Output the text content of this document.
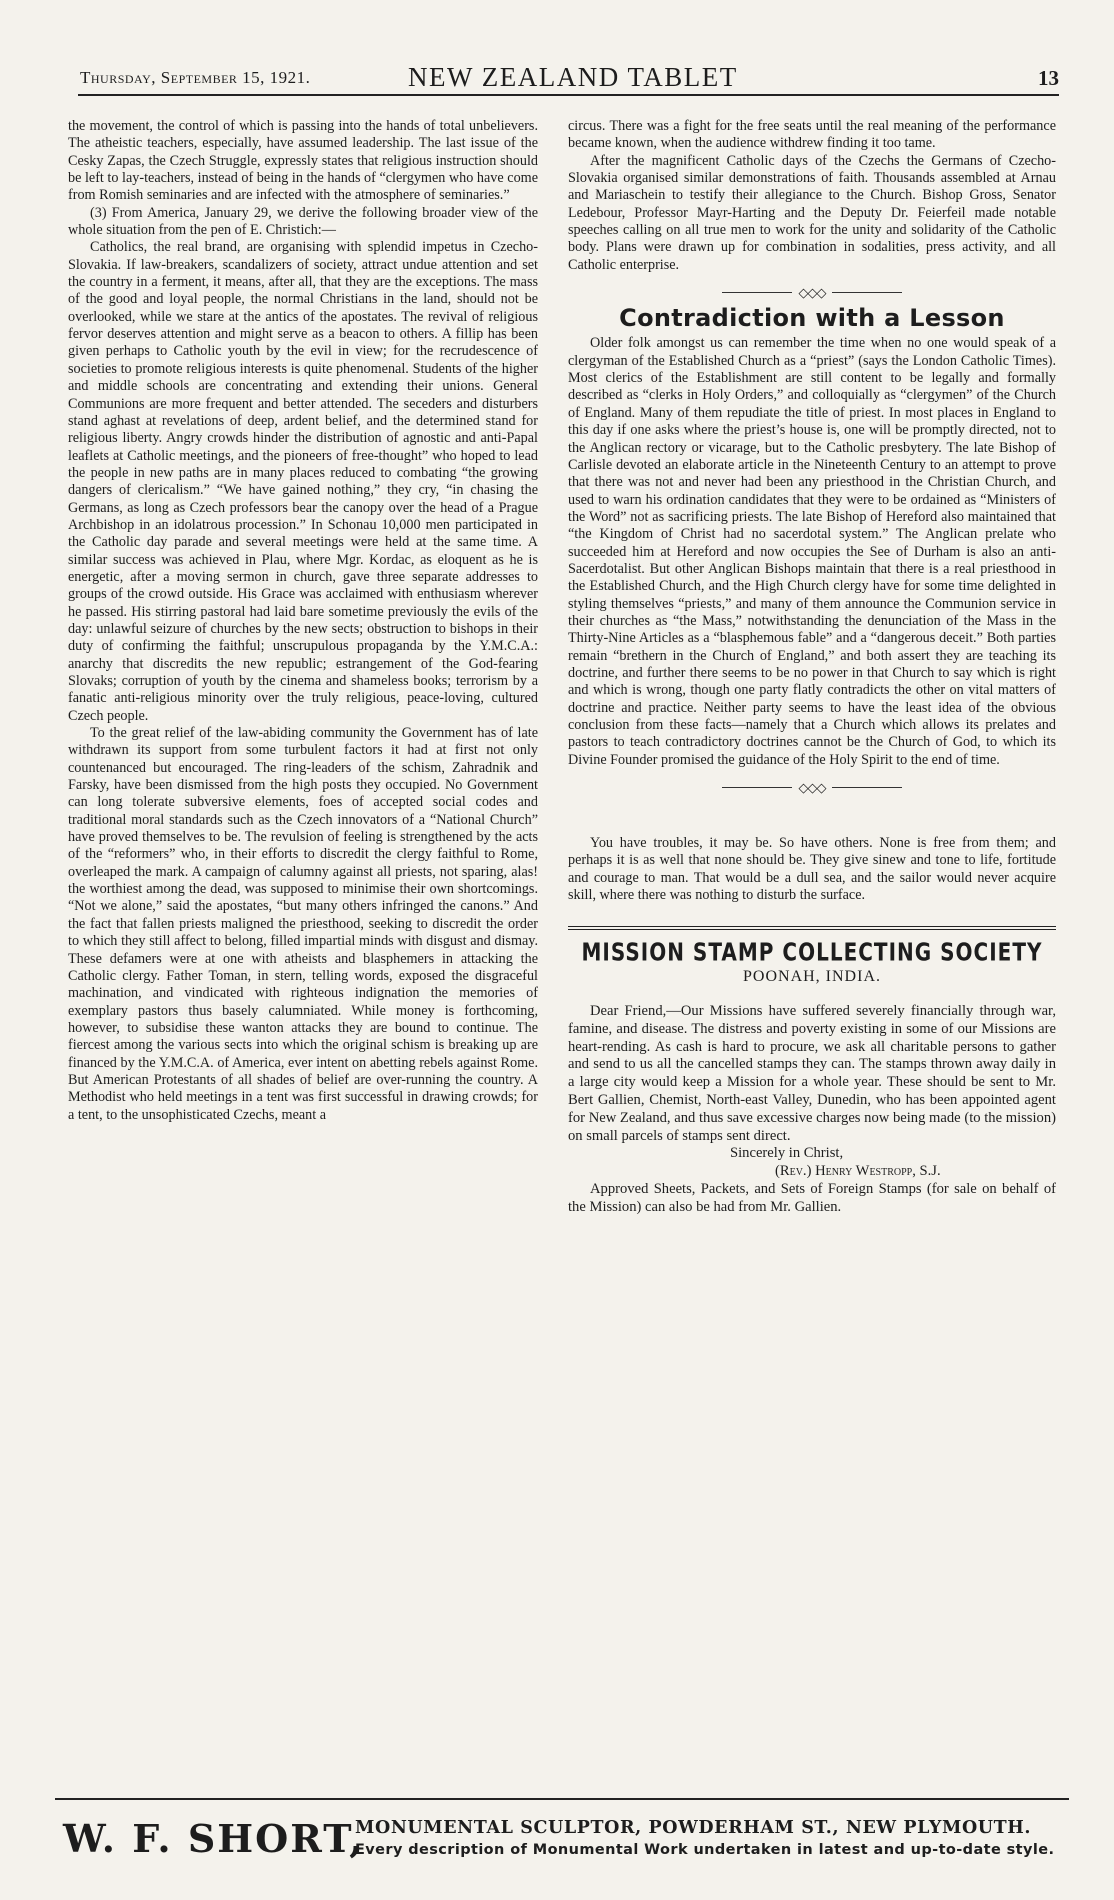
Thursday, September 15, 1921.	NEW ZEALAND TABLET	13

the movement, the control of which is passing into the hands of total unbelievers. The atheistic teachers, especially, have assumed leadership. The last issue of the Cesky Zapas, the Czech Struggle, expressly states that religious instruction should be left to lay-teachers, instead of being in the hands of “clergymen who have come from Romish seminaries and are infected with the atmosphere of seminaries.”

(3) From America, January 29, we derive the following broader view of the whole situation from the pen of E. Christich:—

Catholics, the real brand, are organising with splendid impetus in Czecho-Slovakia. If law-breakers, scandalizers of society, attract undue attention and set the country in a ferment, it means, after all, that they are the exceptions. The mass of the good and loyal people, the normal Christians in the land, should not be overlooked, while we stare at the antics of the apostates. The revival of religious fervor deserves attention and might serve as a beacon to others. A fillip has been given perhaps to Catholic youth by the evil in view; for the recrudescence of societies to promote religious interests is quite phenomenal. Students of the higher and middle schools are concentrating and extending their unions. General Communions are more frequent and better attended. The seceders and disturbers stand aghast at revelations of deep, ardent belief, and the determined stand for religious liberty. Angry crowds hinder the distribution of agnostic and anti-Papal leaflets at Catholic meetings, and the pioneers of free-thought” who hoped to lead the people in new paths are in many places reduced to combating “the growing dangers of clericalism.” “We have gained nothing,” they cry, “in chasing the Germans, as long as Czech professors bear the canopy over the head of a Prague Archbishop in an idolatrous procession.” In Schonau 10,000 men participated in the Catholic day parade and several meetings were held at the same time. A similar success was achieved in Plau, where Mgr. Kordac, as eloquent as he is energetic, after a moving sermon in church, gave three separate addresses to groups of the crowd outside. His Grace was acclaimed with enthusiasm wherever he passed. His stirring pastoral had laid bare sometime previously the evils of the day: unlawful seizure of churches by the new sects; obstruction to bishops in their duty of confirming the faithful; unscrupulous propaganda by the Y.M.C.A.: anarchy that discredits the new republic; estrangement of the God-fearing Slovaks; corruption of youth by the cinema and shameless books; terrorism by a fanatic anti-religious minority over the truly religious, peace-loving, cultured Czech people.

To the great relief of the law-abiding community the Government has of late withdrawn its support from some turbulent factors it had at first not only countenanced but encouraged. The ring-leaders of the schism, Zahradnik and Farsky, have been dismissed from the high posts they occupied. No Government can long tolerate subversive elements, foes of accepted social codes and traditional moral standards such as the Czech innovators of a “National Church” have proved themselves to be. The revulsion of feeling is strengthened by the acts of the “reformers” who, in their efforts to discredit the clergy faithful to Rome, overleaped the mark. A campaign of calumny against all priests, not sparing, alas! the worthiest among the dead, was supposed to minimise their own shortcomings. “Not we alone,” said the apostates, “but many others infringed the canons.” And the fact that fallen priests maligned the priesthood, seeking to discredit the order to which they still affect to belong, filled impartial minds with disgust and dismay. These defamers were at one with atheists and blasphemers in attacking the Catholic clergy. Father Toman, in stern, telling words, exposed the disgraceful machination, and vindicated with righteous indignation the memories of exemplary pastors thus basely calumniated. While money is forthcoming, however, to subsidise these wanton attacks they are bound to continue. The fiercest among the various sects into which the original schism is breaking up are financed by the Y.M.C.A. of America, ever intent on abetting rebels against Rome. But American Protestants of all shades of belief are over-running the country. A Methodist who held meetings in a tent was first successful in drawing crowds; for a tent, to the unsophisticated Czechs, meant a

circus. There was a fight for the free seats until the real meaning of the performance became known, when the audience withdrew finding it too tame.

After the magnificent Catholic days of the Czechs the Germans of Czecho-Slovakia organised similar demonstrations of faith. Thousands assembled at Arnau and Mariaschein to testify their allegiance to the Church. Bishop Gross, Senator Ledebour, Professor Mayr-Harting and the Deputy Dr. Feierfeil made notable speeches calling on all true men to work for the unity and solidarity of the Catholic body. Plans were drawn up for combination in sodalities, press activity, and all Catholic enterprise.

◇◇◇
Contradiction with a Lesson

Older folk amongst us can remember the time when no one would speak of a clergyman of the Established Church as a “priest” (says the London Catholic Times). Most clerics of the Establishment are still content to be legally and formally described as “clerks in Holy Orders,” and colloquially as “clergymen” of the Church of England. Many of them repudiate the title of priest. In most places in England to this day if one asks where the priest’s house is, one will be promptly directed, not to the Anglican rectory or vicarage, but to the Catholic presbytery. The late Bishop of Carlisle devoted an elaborate article in the Nineteenth Century to an attempt to prove that there was not and never had been any priesthood in the Christian Church, and used to warn his ordination candidates that they were to be ordained as “Ministers of the Word” not as sacrificing priests. The late Bishop of Hereford also maintained that “the Kingdom of Christ had no sacerdotal system.” The Anglican prelate who succeeded him at Hereford and now occupies the See of Durham is also an anti-Sacerdotalist. But other Anglican Bishops maintain that there is a real priesthood in the Established Church, and the High Church clergy have for some time delighted in styling themselves “priests,” and many of them announce the Communion service in their churches as “the Mass,” notwithstanding the denunciation of the Mass in the Thirty-Nine Articles as a “blasphemous fable” and a “dangerous deceit.” Both parties remain “brethern in the Church of England,” and both assert they are teaching its doctrine, and further there seems to be no power in that Church to say which is right and which is wrong, though one party flatly contradicts the other on vital matters of doctrine and practice. Neither party seems to have the least idea of the obvious conclusion from these facts—namely that a Church which allows its prelates and pastors to teach contradictory doctrines cannot be the Church of God, to which its Divine Founder promised the guidance of the Holy Spirit to the end of time.

◇◇◇

You have troubles, it may be. So have others. None is free from them; and perhaps it is as well that none should be. They give sinew and tone to life, fortitude and courage to man. That would be a dull sea, and the sailor would never acquire skill, where there was nothing to disturb the surface.

MISSION STAMP COLLECTING SOCIETY
POONAH, INDIA.

Dear Friend,—Our Missions have suffered severely financially through war, famine, and disease. The distress and poverty existing in some of our Missions are heart-rending. As cash is hard to procure, we ask all charitable persons to gather and send to us all the cancelled stamps they can. The stamps thrown away daily in a large city would keep a Mission for a whole year. These should be sent to Mr. Bert Gallien, Chemist, North-east Valley, Dunedin, who has been appointed agent for New Zealand, and thus save excessive charges now being made (to the mission) on small parcels of stamps sent direct.

Sincerely in Christ,

(Rev.) Henry Westropp, S.J.

Approved Sheets, Packets, and Sets of Foreign Stamps (for sale on behalf of the Mission) can also be had from Mr. Gallien.

W. F. SHORT,
MONUMENTAL SCULPTOR, POWDERHAM ST., NEW PLYMOUTH.
Every description of Monumental Work undertaken in latest and up-to-date style.
